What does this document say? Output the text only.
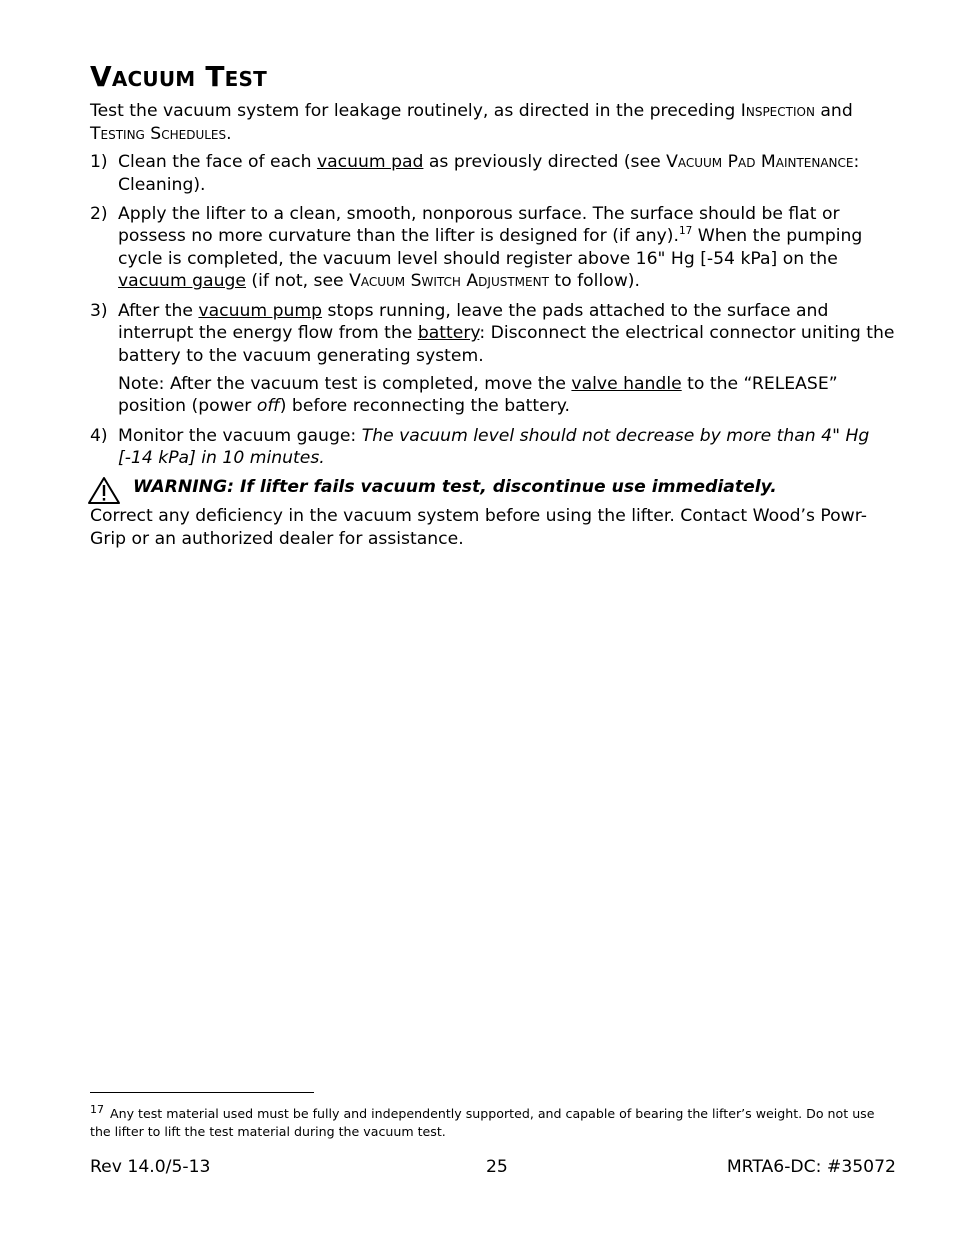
Vacuum Test
Test the vacuum system for leakage routinely, as directed in the preceding Inspection and Testing Schedules.
1) Clean the face of each vacuum pad as previously directed (see Vacuum Pad Maintenance: Cleaning).
2) Apply the lifter to a clean, smooth, nonporous surface. The surface should be flat or possess no more curvature than the lifter is designed for (if any).$^{17}$ When the pumping cycle is completed, the vacuum level should register above 16" Hg [-54 kPa] on the vacuum gauge (if not, see Vacuum Switch Adjustment to follow).
3) After the vacuum pump stops running, leave the pads attached to the surface and interrupt the energy flow from the battery: Disconnect the electrical connector uniting the battery to the vacuum generating system.
Note: After the vacuum test is completed, move the valve handle to the “RELEASE” position (power off) before reconnecting the battery.
4) Monitor the vacuum gauge: The vacuum level should not decrease by more than 4" Hg [-14 kPa] in 10 minutes.
WARNING: If lifter fails vacuum test, discontinue use immediately.
Correct any deficiency in the vacuum system before using the lifter. Contact Wood’s Powr-Grip or an authorized dealer for assistance.
$^{17}$ Any test material used must be fully and independently supported, and capable of bearing the lifter’s weight. Do not use the lifter to lift the test material during the vacuum test.
Rev 14.0/5-13	25	MRTA6-DC: #35072
